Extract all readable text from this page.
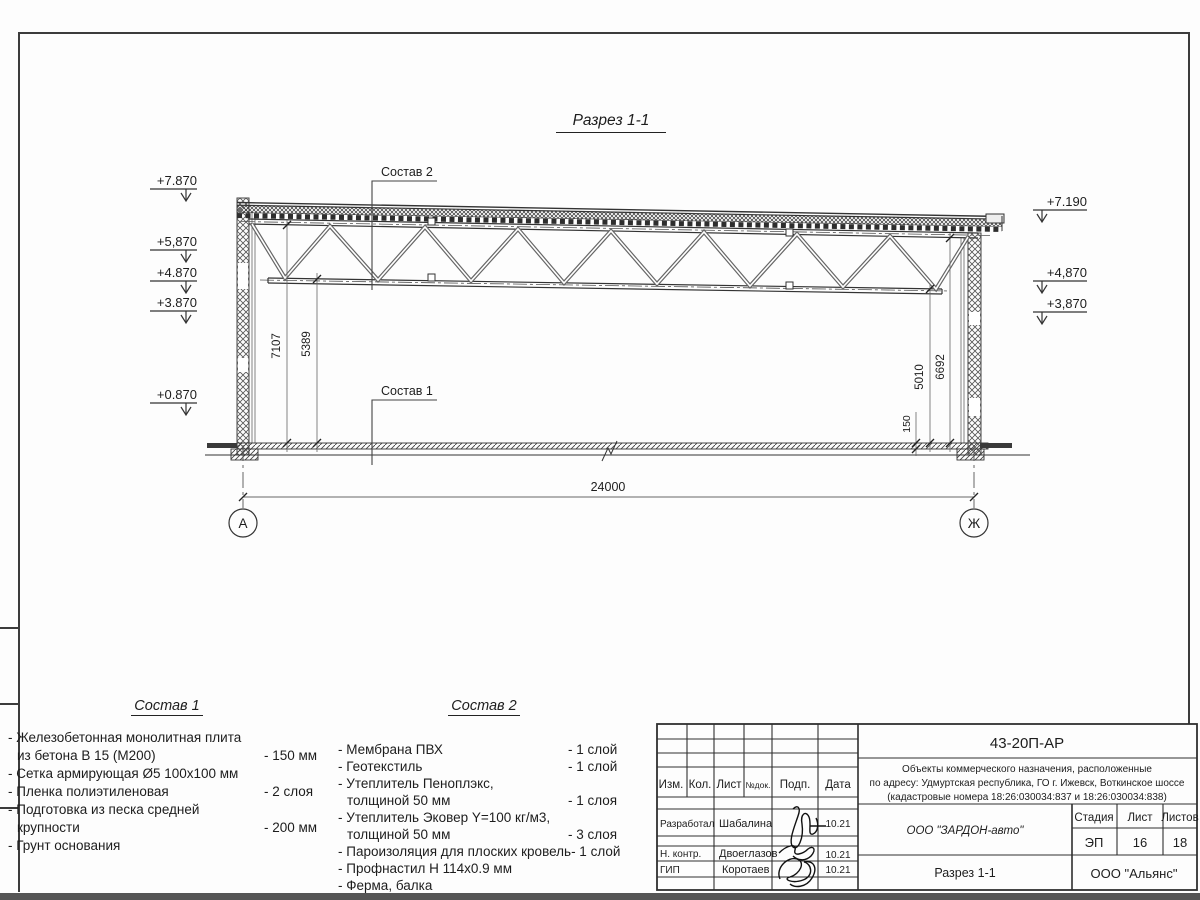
Разрез 1-1
+7.870
+5,870
+4.870
+3.870
+0.870
+7.190
+4,870
+3,870
7107 5389
5010 6692
150
24000
А	Ж
Состав 2
Состав 1
Состав 1
- Железобетонная монолитная плита
из бетона В 15 (М200)	- 150 мм
- Сетка армирующая Ø5 100х100 мм
- Пленка полиэтиленовая	- 2 слоя
- Подготовка из песка средней
крупности	- 200 мм
- Грунт основания
Состав 2
- Мембрана ПВХ	- 1 слой
- Геотекстиль	- 1 слой
- Утеплитель Пеноплэкс,
толщиной 50 мм	- 1 слоя
- Утеплитель Эковер Y=100 кг/м3,
толщиной 50 мм	- 3 слоя
- Пароизоляция для плоских кровель - 1 слой
- Профнастил Н 114х0.9 мм
- Ферма, балка
43-20П-АР
Объекты коммерческого назначения, расположенные
по адресу: Удмуртская республика, ГО г. Ижевск, Воткинское шоссе
(кадастровые номера 18:26:030034:837 и 18:26:030034:838)
Изм. Кол. Лист №док. Подп. Дата
Разработал Шабалина	10.21
Н. контр. Двоеглазов	10.21
ГИП	Коротаев	10.21
ООО "ЗАРДОН-авто"
Стадия Лист Листов
ЭП 16 18
Разрез 1-1	ООО "Альянс"
